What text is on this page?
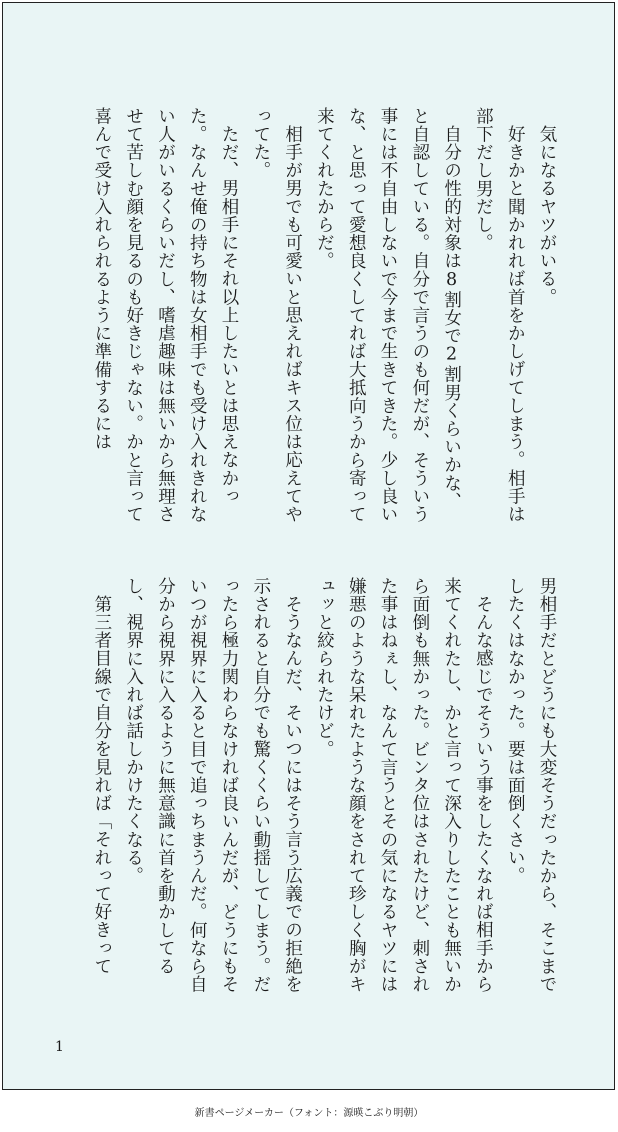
気になるヤツがいる。

好きかと聞かれれば首をかしげてしまう。相手は部下だし男だし。

自分の性的対象は8割女で2割男くらいかな、と自認している。自分で言うのも何だが、そういう事には不自由しないで今まで生きてきた。少し良いな、と思って愛想良くしてれば大抵向うから寄って来てくれたからだ。

相手が男でも可愛いと思えればキス位は応えてやってた。

ただ、男相手にそれ以上したいとは思えなかった。なんせ俺の持ち物は女相手でも受け入れきれない人がいるくらいだし、嗜虐趣味は無いから無理させて苦しむ顔を見るのも好きじゃない。かと言って喜んで受け入れられるように準備するには

男相手だとどうにも大変そうだったから、そこまでしたくはなかった。要は面倒くさい。

そんな感じでそういう事をしたくなれば相手から来てくれたし、かと言って深入りしたことも無いから面倒も無かった。ビンタ位はされたけど、刺された事はねぇし、なんて言うとその気になるヤツには嫌悪のような呆れたような顔をされて珍しく胸がキュッと絞られたけど。

そうなんだ、そいつにはそう言う広義での拒絶を示されると自分でも驚くくらい動揺してしまう。だったら極力関わらなければ良いんだが、どうにもそいつが視界に入ると目で追っちまうんだ。何なら自分から視界に入るように無意識に首を動かしてるし、視界に入れば話しかけたくなる。

第三者目線で自分を見れば「それって好きって

1
新書ページメーカー（フォント：源暎こぶり明朝）
